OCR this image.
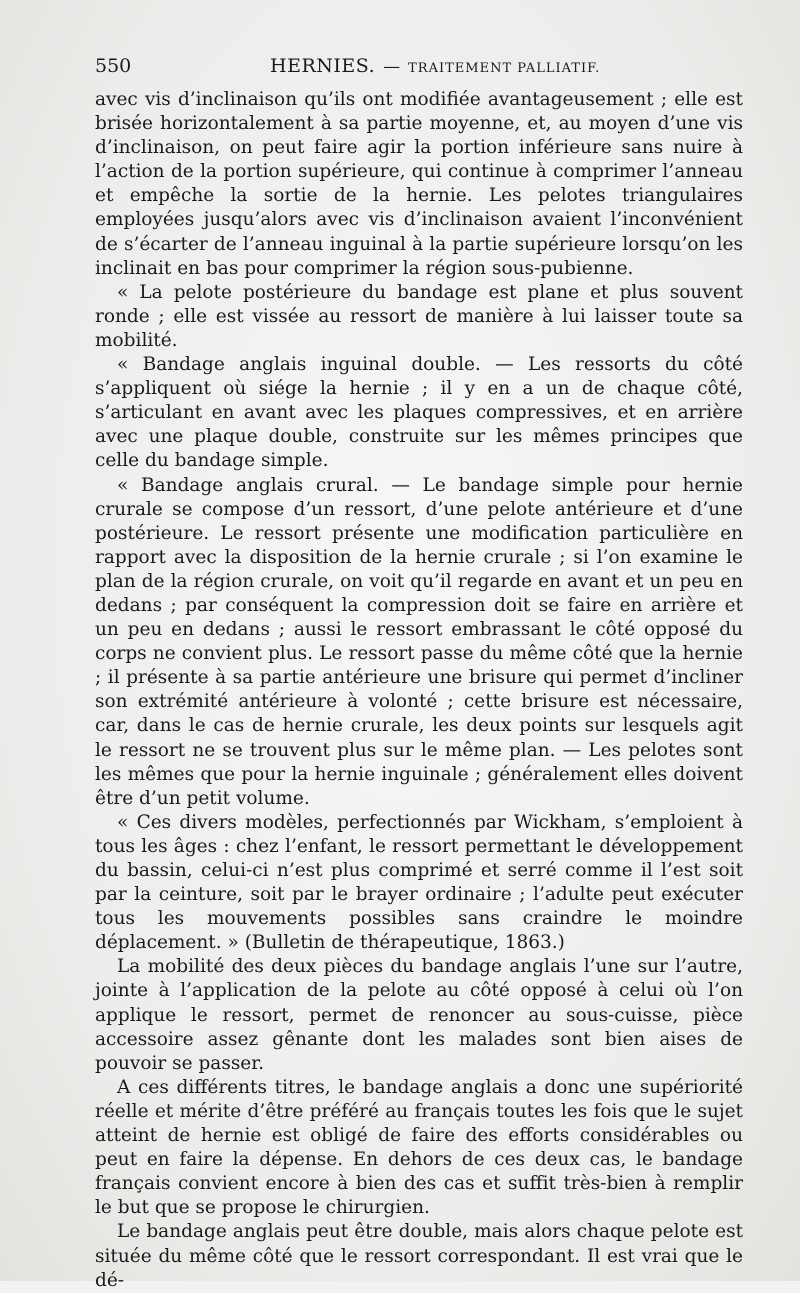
550	HERNIES. — TRAITEMENT PALLIATIF.

avec vis d’inclinaison qu’ils ont modifiée avantageusement ; elle est brisée horizontalement à sa partie moyenne, et, au moyen d’une vis d’inclinaison, on peut faire agir la portion inférieure sans nuire à l’action de la portion supérieure, qui continue à comprimer l’anneau et empêche la sortie de la hernie. Les pelotes triangulaires employées jusqu’alors avec vis d’inclinaison avaient l’inconvénient de s’écarter de l’anneau inguinal à la partie supérieure lorsqu’on les inclinait en bas pour comprimer la région sous-pubienne.

« La pelote postérieure du bandage est plane et plus souvent ronde ; elle est vissée au ressort de manière à lui laisser toute sa mobilité.

« Bandage anglais inguinal double. — Les ressorts du côté s’appliquent où siége la hernie ; il y en a un de chaque côté, s’articulant en avant avec les plaques compressives, et en arrière avec une plaque double, construite sur les mêmes principes que celle du bandage simple.

« Bandage anglais crural. — Le bandage simple pour hernie crurale se compose d’un ressort, d’une pelote antérieure et d’une postérieure. Le ressort présente une modification particulière en rapport avec la disposition de la hernie crurale ; si l’on examine le plan de la région crurale, on voit qu’il regarde en avant et un peu en dedans ; par conséquent la compression doit se faire en arrière et un peu en dedans ; aussi le ressort embrassant le côté opposé du corps ne convient plus. Le ressort passe du même côté que la hernie ; il présente à sa partie antérieure une brisure qui permet d’incliner son extrémité antérieure à volonté ; cette brisure est nécessaire, car, dans le cas de hernie crurale, les deux points sur lesquels agit le ressort ne se trouvent plus sur le même plan. — Les pelotes sont les mêmes que pour la hernie inguinale ; généralement elles doivent être d’un petit volume.

« Ces divers modèles, perfectionnés par Wickham, s’emploient à tous les âges : chez l’enfant, le ressort permettant le développement du bassin, celui-ci n’est plus comprimé et serré comme il l’est soit par la ceinture, soit par le brayer ordinaire ; l’adulte peut exécuter tous les mouvements possibles sans craindre le moindre déplacement. » (Bulletin de thérapeutique, 1863.)

La mobilité des deux pièces du bandage anglais l’une sur l’autre, jointe à l’application de la pelote au côté opposé à celui où l’on applique le ressort, permet de renoncer au sous-cuisse, pièce accessoire assez gênante dont les malades sont bien aises de pouvoir se passer.

A ces différents titres, le bandage anglais a donc une supériorité réelle et mérite d’être préféré au français toutes les fois que le sujet atteint de hernie est obligé de faire des efforts considérables ou peut en faire la dépense. En dehors de ces deux cas, le bandage français convient encore à bien des cas et suffit très-bien à remplir le but que se propose le chirurgien.

Le bandage anglais peut être double, mais alors chaque pelote est située du même côté que le ressort correspondant. Il est vrai que le dé-
